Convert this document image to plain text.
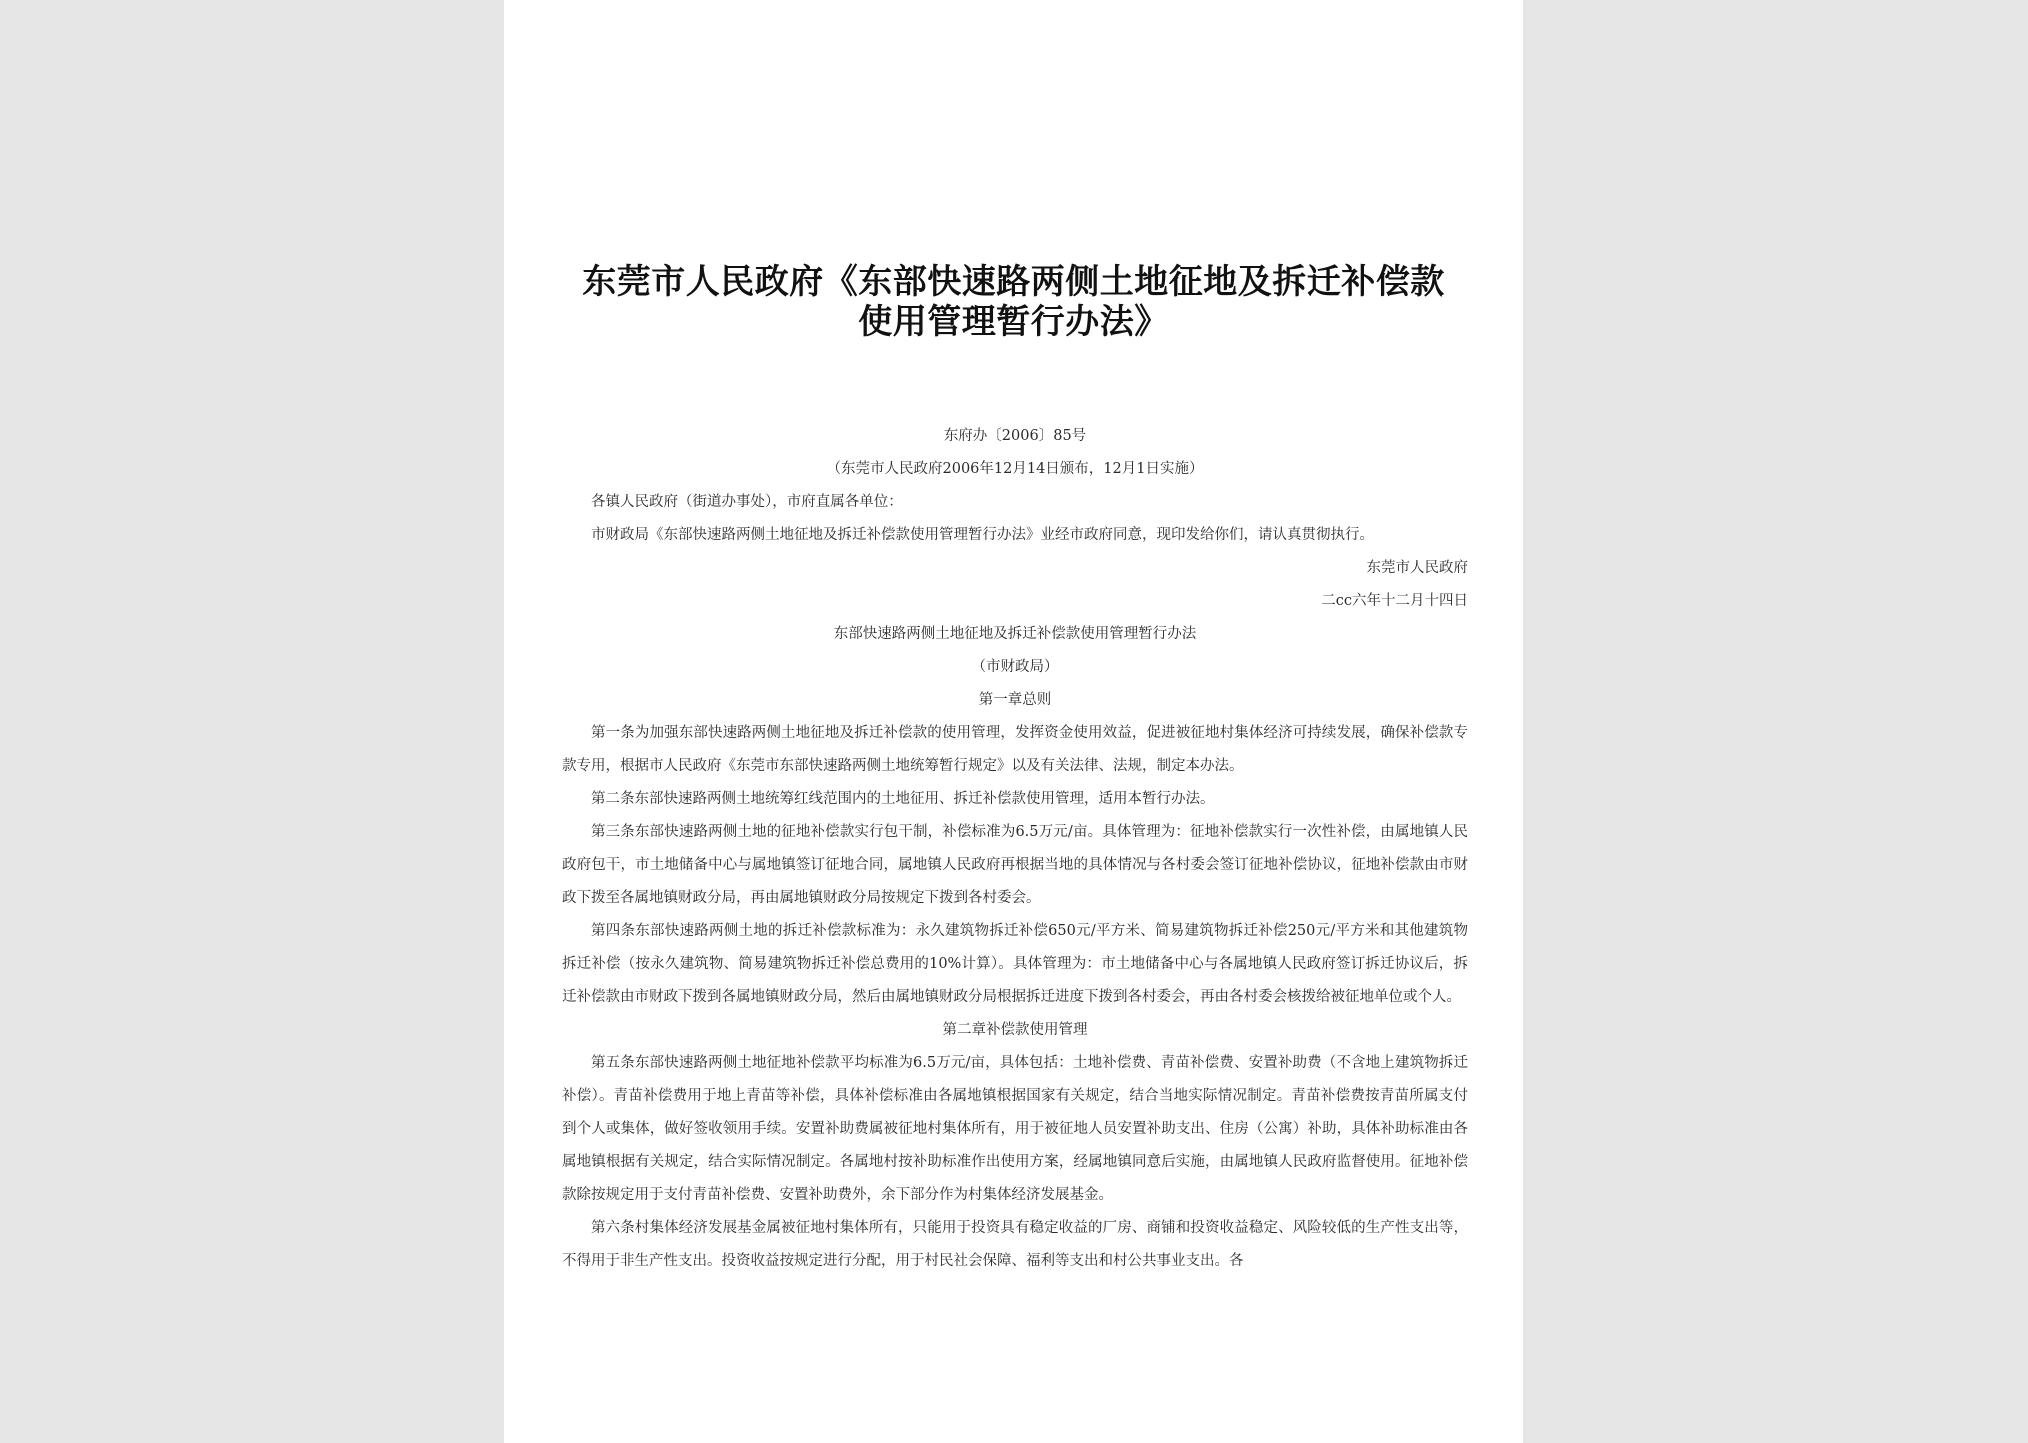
东莞市人民政府《东部快速路两侧土地征地及拆迁补偿款使用管理暂行办法》

东府办〔2006〕85号

（东莞市人民政府2006年12月14日颁布，12月1日实施）

各镇人民政府（街道办事处），市府直属各单位：

市财政局《东部快速路两侧土地征地及拆迁补偿款使用管理暂行办法》业经市政府同意，现印发给你们，请认真贯彻执行。

东莞市人民政府

二cc六年十二月十四日

东部快速路两侧土地征地及拆迁补偿款使用管理暂行办法

（市财政局）

第一章总则

第一条为加强东部快速路两侧土地征地及拆迁补偿款的使用管理，发挥资金使用效益，促进被征地村集体经济可持续发展，确保补偿款专款专用，根据市人民政府《东莞市东部快速路两侧土地统筹暂行规定》以及有关法律、法规，制定本办法。

第二条东部快速路两侧土地统筹红线范围内的土地征用、拆迁补偿款使用管理，适用本暂行办法。

第三条东部快速路两侧土地的征地补偿款实行包干制，补偿标准为6.5万元/亩。具体管理为：征地补偿款实行一次性补偿，由属地镇人民政府包干，市土地储备中心与属地镇签订征地合同，属地镇人民政府再根据当地的具体情况与各村委会签订征地补偿协议，征地补偿款由市财政下拨至各属地镇财政分局，再由属地镇财政分局按规定下拨到各村委会。

第四条东部快速路两侧土地的拆迁补偿款标准为：永久建筑物拆迁补偿650元/平方米、简易建筑物拆迁补偿250元/平方米和其他建筑物拆迁补偿（按永久建筑物、简易建筑物拆迁补偿总费用的10%计算）。具体管理为：市土地储备中心与各属地镇人民政府签订拆迁协议后，拆迁补偿款由市财政下拨到各属地镇财政分局，然后由属地镇财政分局根据拆迁进度下拨到各村委会，再由各村委会核拨给被征地单位或个人。

第二章补偿款使用管理

第五条东部快速路两侧土地征地补偿款平均标准为6.5万元/亩，具体包括：土地补偿费、青苗补偿费、安置补助费（不含地上建筑物拆迁补偿）。青苗补偿费用于地上青苗等补偿，具体补偿标准由各属地镇根据国家有关规定，结合当地实际情况制定。青苗补偿费按青苗所属支付到个人或集体，做好签收领用手续。安置补助费属被征地村集体所有，用于被征地人员安置补助支出、住房（公寓）补助，具体补助标准由各属地镇根据有关规定，结合实际情况制定。各属地村按补助标准作出使用方案，经属地镇同意后实施，由属地镇人民政府监督使用。征地补偿款除按规定用于支付青苗补偿费、安置补助费外，余下部分作为村集体经济发展基金。

第六条村集体经济发展基金属被征地村集体所有，只能用于投资具有稳定收益的厂房、商铺和投资收益稳定、风险较低的生产性支出等，不得用于非生产性支出。投资收益按规定进行分配，用于村民社会保障、福利等支出和村公共事业支出。各
